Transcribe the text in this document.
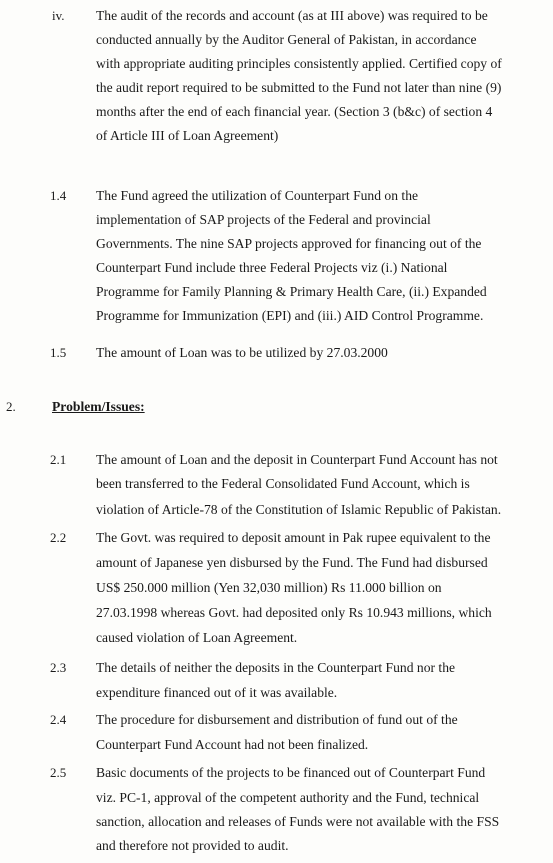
iv. The audit of the records and account (as at III above) was required to be
conducted annually by the Auditor General of Pakistan, in accordance
with appropriate auditing principles consistently applied. Certified copy of
the audit report required to be submitted to the Fund not later than nine (9)
months after the end of each financial year. (Section 3 (b&c) of section 4
of Article III of Loan Agreement)
1.4 The Fund agreed the utilization of Counterpart Fund on the
implementation of SAP projects of the Federal and provincial
Governments. The nine SAP projects approved for financing out of the
Counterpart Fund include three Federal Projects viz (i.) National
Programme for Family Planning & Primary Health Care, (ii.) Expanded
Programme for Immunization (EPI) and (iii.) AID Control Programme.
1.5 The amount of Loan was to be utilized by 27.03.2000
2.	Problem/Issues:
2.1 The amount of Loan and the deposit in Counterpart Fund Account has not
been transferred to the Federal Consolidated Fund Account, which is
violation of Article-78 of the Constitution of Islamic Republic of Pakistan.
2.2 The Govt. was required to deposit amount in Pak rupee equivalent to the
amount of Japanese yen disbursed by the Fund. The Fund had disbursed
US$ 250.000 million (Yen 32,030 million) Rs 11.000 billion on
27.03.1998 whereas Govt. had deposited only Rs 10.943 millions, which
caused violation of Loan Agreement.
2.3 The details of neither the deposits in the Counterpart Fund nor the
expenditure financed out of it was available.
2.4 The procedure for disbursement and distribution of fund out of the
Counterpart Fund Account had not been finalized.
2.5 Basic documents of the projects to be financed out of Counterpart Fund
viz. PC-1, approval of the competent authority and the Fund, technical
sanction, allocation and releases of Funds were not available with the FSS
and therefore not provided to audit.
